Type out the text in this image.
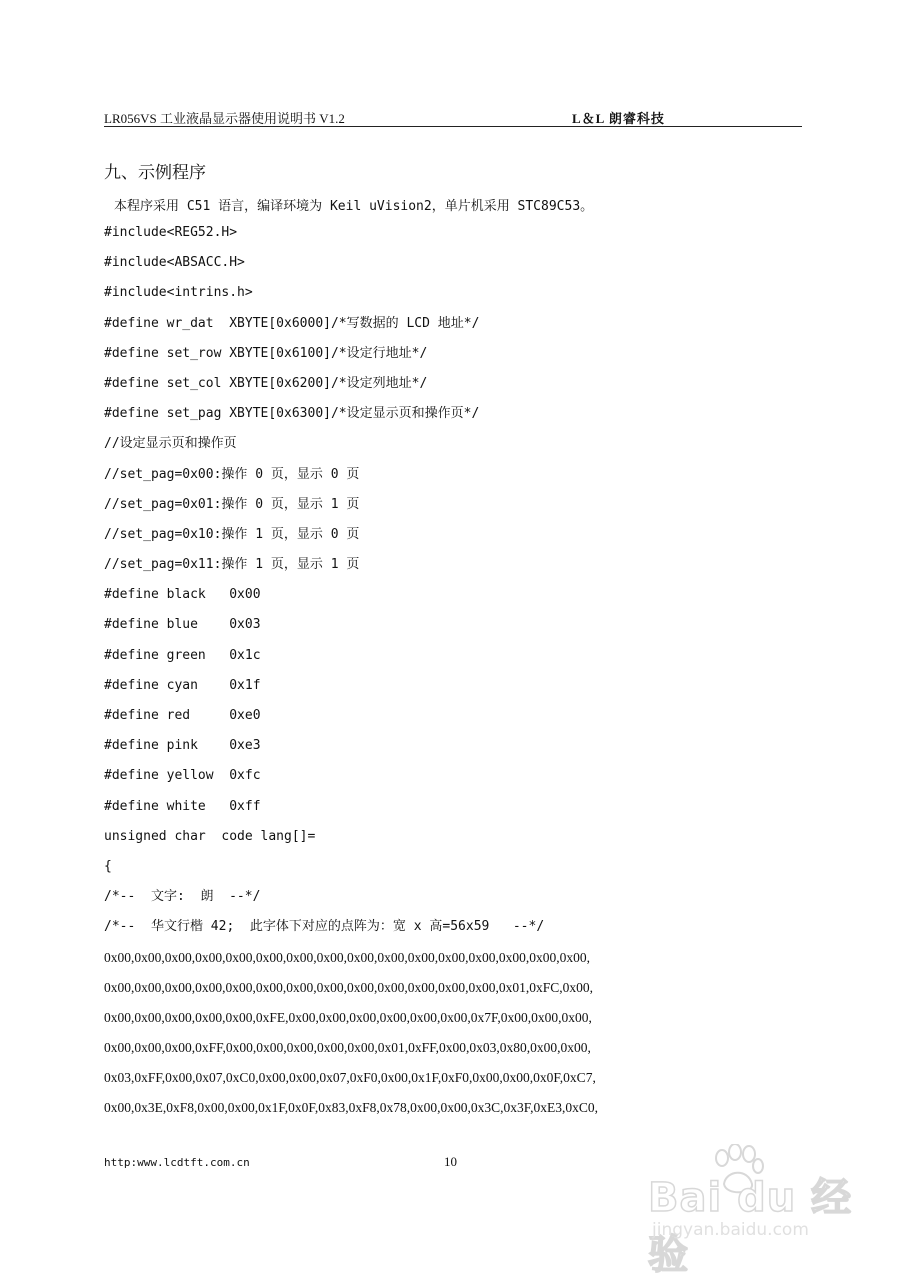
LR056VS 工业液晶显示器使用说明书 V1.2	L＆L 朗睿科技
九、示例程序
本程序采用 C51 语言，编译环境为 Keil uVision2，单片机采用 STC89C53。
#include<REG52.H>
#include<ABSACC.H>
#include<intrins.h>
#define wr_dat  XBYTE[0x6000]/*写数据的 LCD 地址*/
#define set_row XBYTE[0x6100]/*设定行地址*/
#define set_col XBYTE[0x6200]/*设定列地址*/
#define set_pag XBYTE[0x6300]/*设定显示页和操作页*/
//设定显示页和操作页
//set_pag=0x00:操作 0 页，显示 0 页
//set_pag=0x01:操作 0 页，显示 1 页
//set_pag=0x10:操作 1 页，显示 0 页
//set_pag=0x11:操作 1 页，显示 1 页
#define black   0x00
#define blue    0x03
#define green   0x1c
#define cyan    0x1f
#define red     0xe0
#define pink    0xe3
#define yellow  0xfc
#define white   0xff
unsigned char  code lang[]=
{
/*--  文字:  朗  --*/
/*--  华文行楷 42;  此字体下对应的点阵为：宽 x 高=56x59   --*/
0x00,0x00,0x00,0x00,0x00,0x00,0x00,0x00,0x00,0x00,0x00,0x00,0x00,0x00,0x00,0x00,
0x00,0x00,0x00,0x00,0x00,0x00,0x00,0x00,0x00,0x00,0x00,0x00,0x00,0x01,0xFC,0x00,
0x00,0x00,0x00,0x00,0x00,0xFE,0x00,0x00,0x00,0x00,0x00,0x00,0x7F,0x00,0x00,0x00,
0x00,0x00,0x00,0xFF,0x00,0x00,0x00,0x00,0x00,0x01,0xFF,0x00,0x03,0x80,0x00,0x00,
0x03,0xFF,0x00,0x07,0xC0,0x00,0x00,0x07,0xF0,0x00,0x1F,0xF0,0x00,0x00,0x0F,0xC7,
0x00,0x3E,0xF8,0x00,0x00,0x1F,0x0F,0x83,0xF8,0x78,0x00,0x00,0x3C,0x3F,0xE3,0xC0,
http:www.lcdtft.com.cn	10
Bai du 经验
jingyan.baidu.com
